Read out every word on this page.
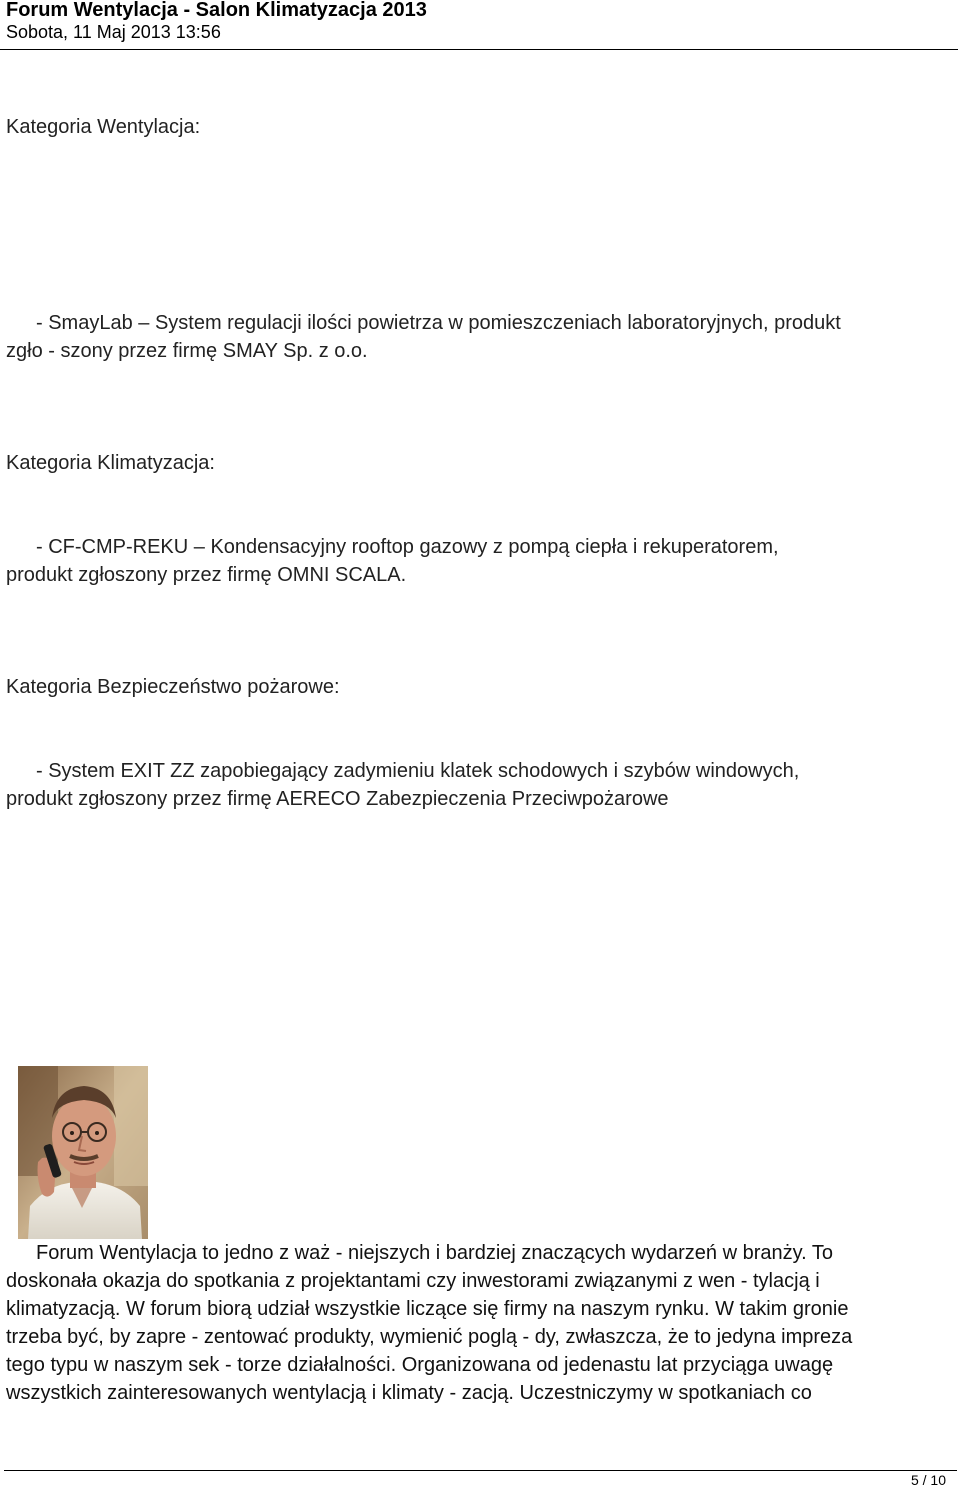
Forum Wentylacja - Salon Klimatyzacja 2013
Sobota, 11 Maj 2013 13:56
Kategoria Wentylacja:
- SmayLab – System regulacji ilości powietrza w pomieszczeniach laboratoryjnych, produkt
zgło - szony przez firmę SMAY Sp. z o.o.
Kategoria Klimatyzacja:
- CF-CMP-REKU – Kondensacyjny rooftop gazowy z pompą ciepła i rekuperatorem,
produkt zgłoszony przez firmę OMNI SCALA.
Kategoria Bezpieczeństwo pożarowe:
- System EXIT ZZ zapobiegający zadymieniu klatek schodowych i szybów windowych,
produkt zgłoszony przez firmę AERECO Zabezpieczenia Przeciwpożarowe
Forum Wentylacja to jedno z waż - niejszych i bardziej znaczących wydarzeń w branży. To
doskonała okazja do spotkania z projektantami czy inwestorami związanymi z wen - tylacją i
klimatyzacją. W forum biorą udział wszystkie liczące się firmy na naszym rynku. W takim gronie
trzeba być, by zapre - zentować produkty, wymienić poglą - dy, zwłaszcza, że to jedyna impreza
tego typu w naszym sek - torze działalności. Organizowana od jedenastu lat przyciąga uwagę
wszystkich zainteresowanych wentylacją i klimaty - zacją. Uczestniczymy w spotkaniach co
5 / 10
